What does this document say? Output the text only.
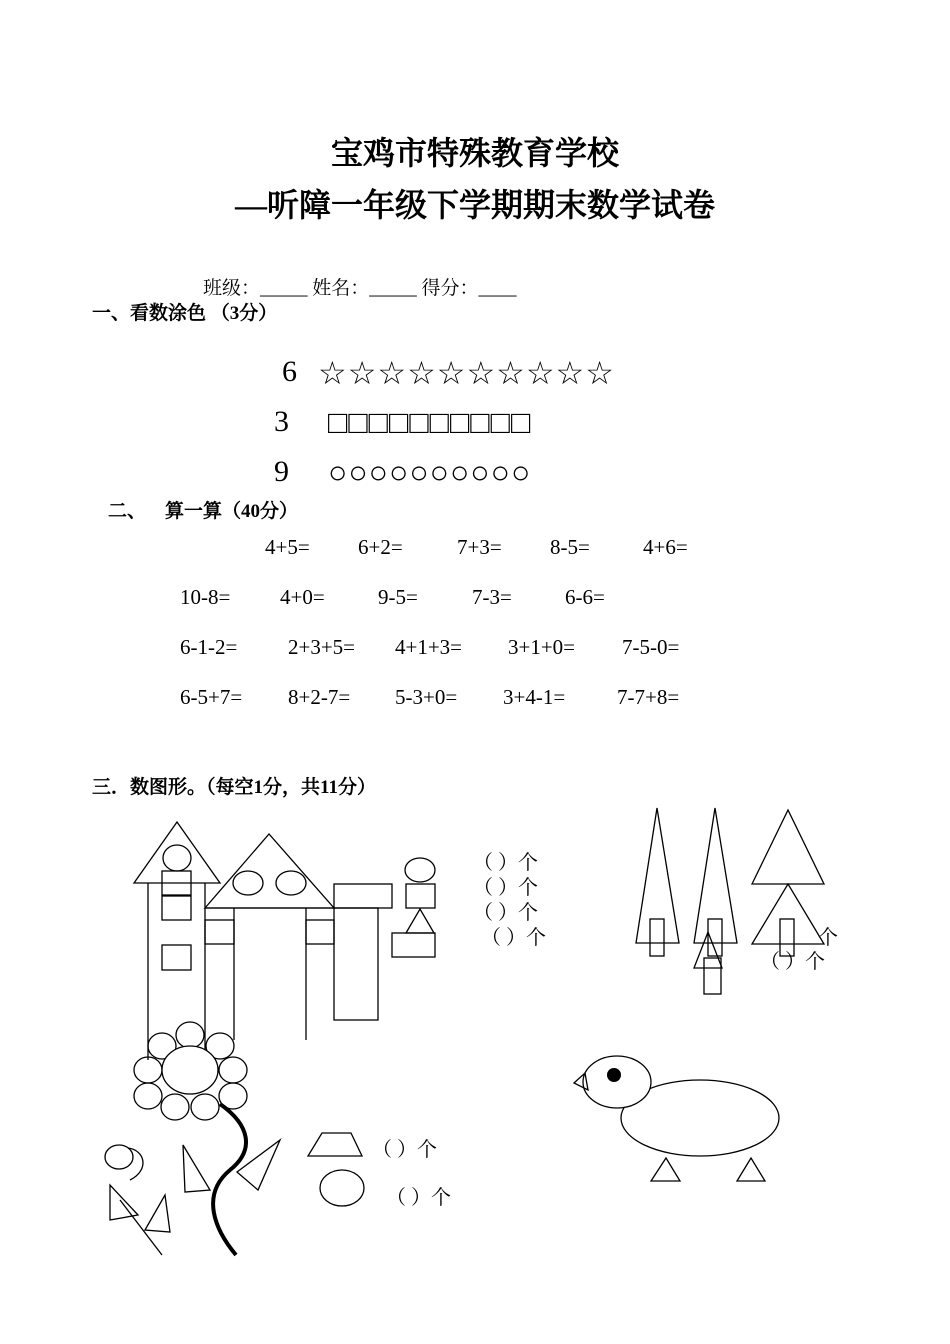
宝鸡市特殊教育学校
—听障一年级下学期期末数学试卷
班级：_____ 姓名：_____ 得分：____
一、看数涂色 （3分）
6 ☆☆☆☆☆☆☆☆☆☆
3 □□□□□□□□□□
9 ○○○○○○○○○○
二、    算一算（40分）
4+5= 6+2=	7+3= 8-5=	4+6=
10-8= 4+0=	9-5=	7-3=	6-6=
6-1-2= 2+3+5= 4+1+3= 3+1+0= 7-5-0=
6-5+7= 8+2-7= 5-3+0= 3+4-1= 7-7+8=
三．数图形。（每空1分，共11分）
（ ）个
（ ）个
（ ）个
（ ）个	个
（ ）个
（ ）个
（ ）个
